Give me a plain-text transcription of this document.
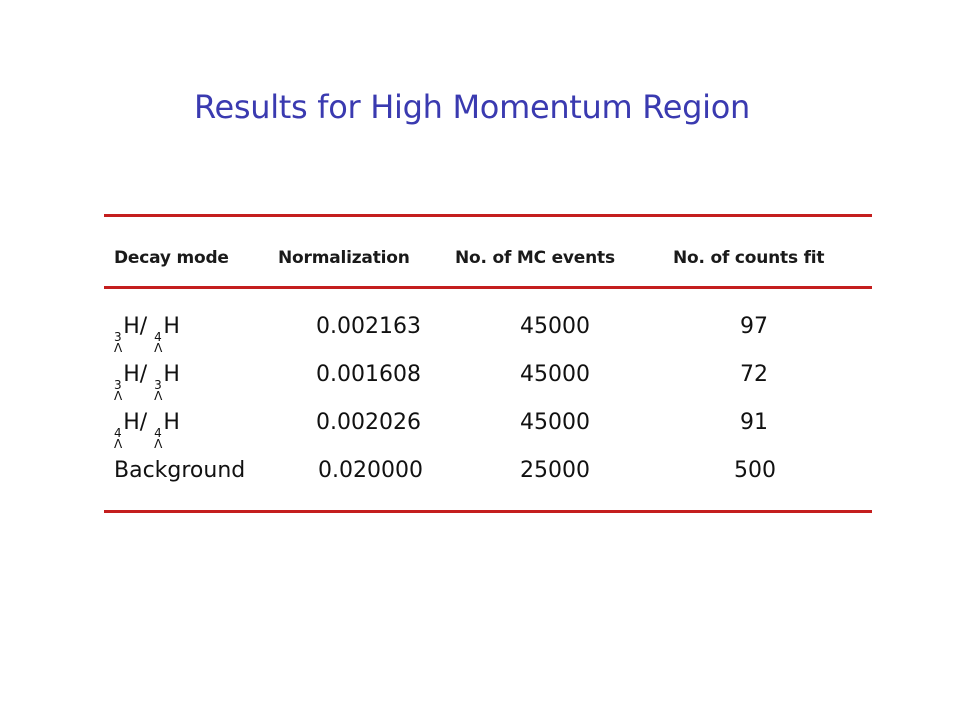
Results for High Momentum Region
Decay mode	Normalization	No. of MC events	No. of counts fit
3
Λ
H/ 4
Λ
H	0.002163	45000	97
3
Λ
H/ 3
Λ
H	0.001608	45000	72
4
Λ
H/ 4
Λ
H	0.002026	45000	91
Background	0.020000	25000	500
